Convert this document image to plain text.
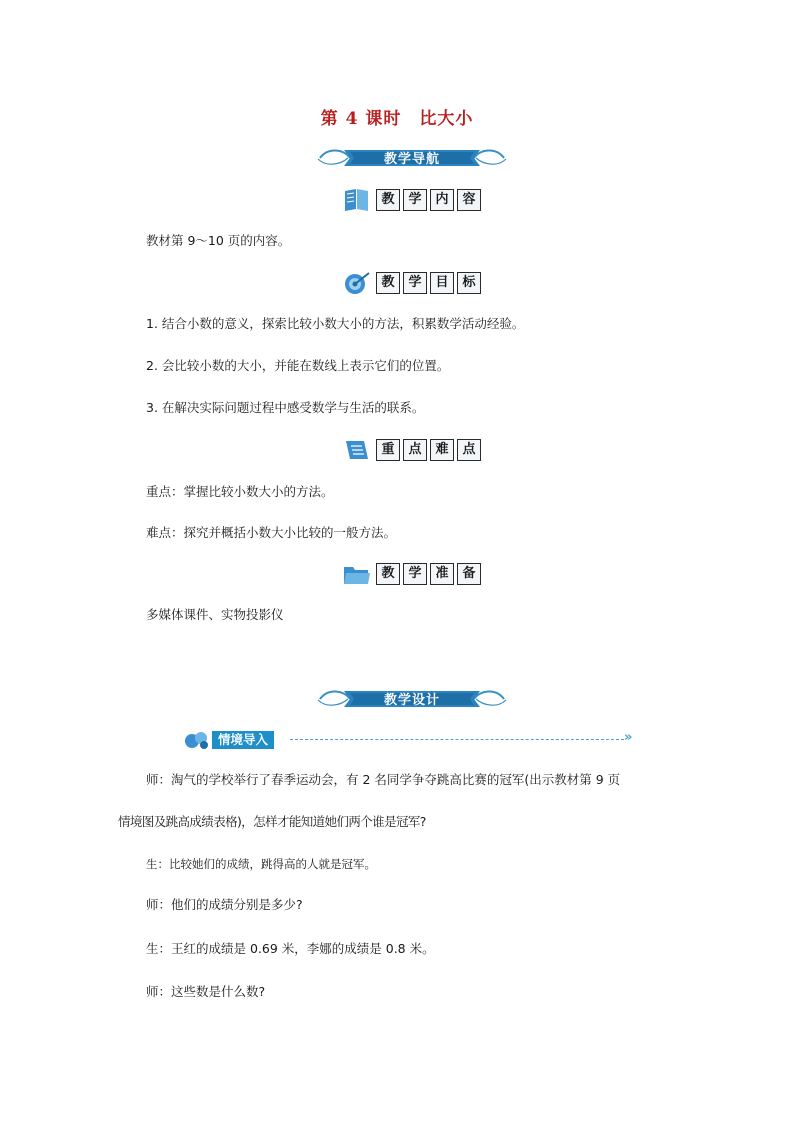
第 4 课时　比大小
教学导航
教	学	内	容
教材第 9～10 页的内容。
教	学	目	标
1. 结合小数的意义，探索比较小数大小的方法，积累数学活动经验。
2. 会比较小数的大小，并能在数线上表示它们的位置。
3. 在解决实际问题过程中感受数学与生活的联系。
重	点	难	点
重点：掌握比较小数大小的方法。
难点：探究并概括小数大小比较的一般方法。
教	学	准	备
多媒体课件、实物投影仪
教学设计
情境导入	»
师：淘气的学校举行了春季运动会，有 2 名同学争夺跳高比赛的冠军(出示教材第 9 页
情境图及跳高成绩表格)，怎样才能知道她们两个谁是冠军?
生：比较她们的成绩，跳得高的人就是冠军。
师：他们的成绩分别是多少?
生：王红的成绩是 0.69 米，李娜的成绩是 0.8 米。
师：这些数是什么数?
